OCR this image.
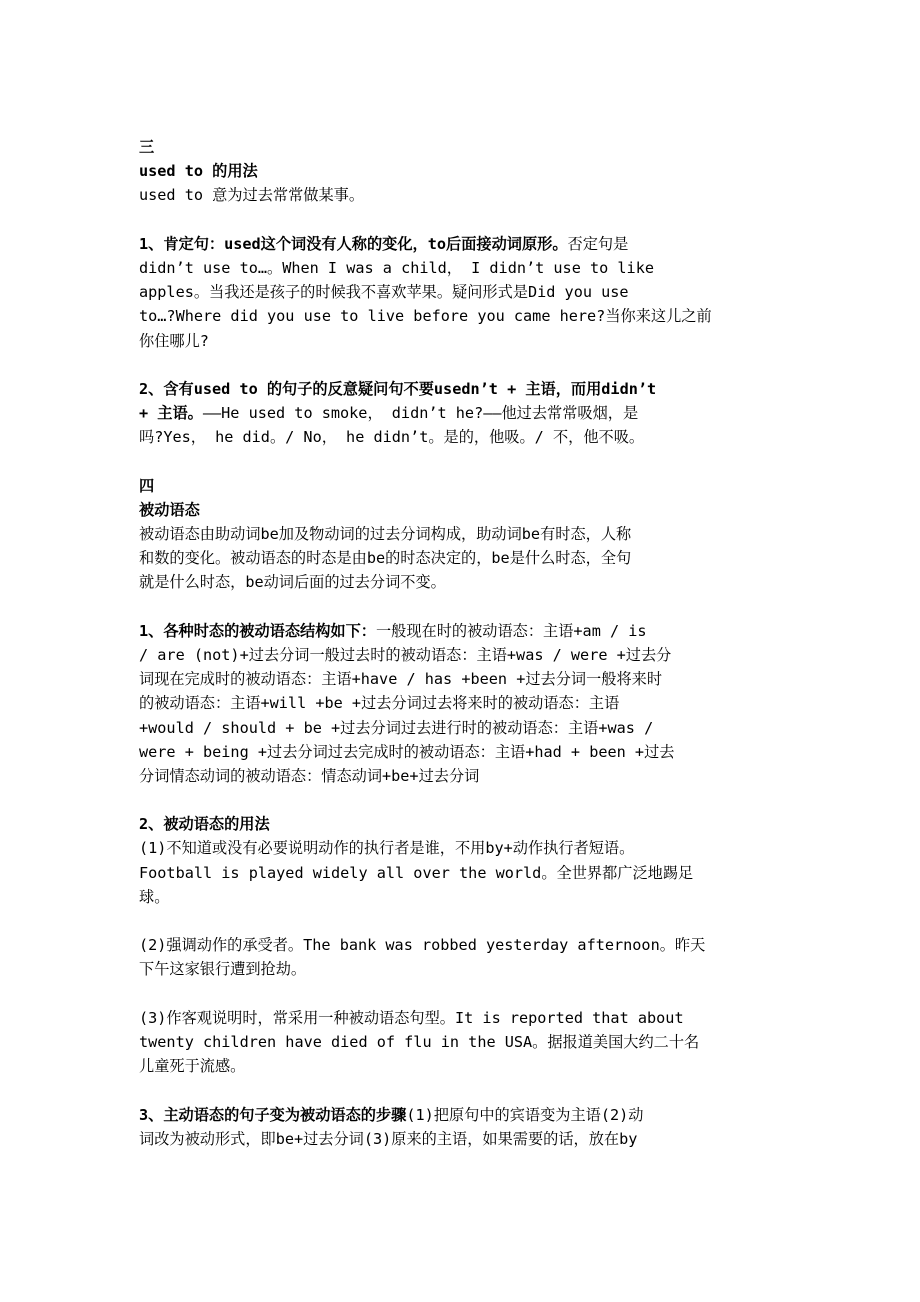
三
used to 的用法
used to 意为过去常常做某事。
1、肯定句：used这个词没有人称的变化，to后面接动词原形。否定句是
didn’t use to…。When I was a child， I didn’t use to like
apples。当我还是孩子的时候我不喜欢苹果。疑问形式是Did you use
to…?Where did you use to live before you came here?当你来这儿之前
你住哪儿?
2、含有used to 的句子的反意疑问句不要usedn’t + 主语，而用didn’t
+ 主语。——He used to smoke， didn’t he?——他过去常常吸烟，是
吗?Yes， he did。/ No， he didn’t。是的，他吸。/ 不，他不吸。
四
被动语态
被动语态由助动词be加及物动词的过去分词构成，助动词be有时态，人称
和数的变化。被动语态的时态是由be的时态决定的，be是什么时态，全句
就是什么时态，be动词后面的过去分词不变。
1、各种时态的被动语态结构如下：一般现在时的被动语态：主语+am / is
/ are (not)+过去分词一般过去时的被动语态：主语+was / were +过去分
词现在完成时的被动语态：主语+have / has +been +过去分词一般将来时
的被动语态：主语+will +be +过去分词过去将来时的被动语态：主语
+would / should + be +过去分词过去进行时的被动语态：主语+was /
were + being +过去分词过去完成时的被动语态：主语+had + been +过去
分词情态动词的被动语态：情态动词+be+过去分词
2、被动语态的用法
(1)不知道或没有必要说明动作的执行者是谁，不用by+动作执行者短语。
Football is played widely all over the world。全世界都广泛地踢足
球。
(2)强调动作的承受者。The bank was robbed yesterday afternoon。昨天
下午这家银行遭到抢劫。
(3)作客观说明时，常采用一种被动语态句型。It is reported that about
twenty children have died of flu in the USA。据报道美国大约二十名
儿童死于流感。
3、主动语态的句子变为被动语态的步骤(1)把原句中的宾语变为主语(2)动
词改为被动形式，即be+过去分词(3)原来的主语，如果需要的话，放在by
